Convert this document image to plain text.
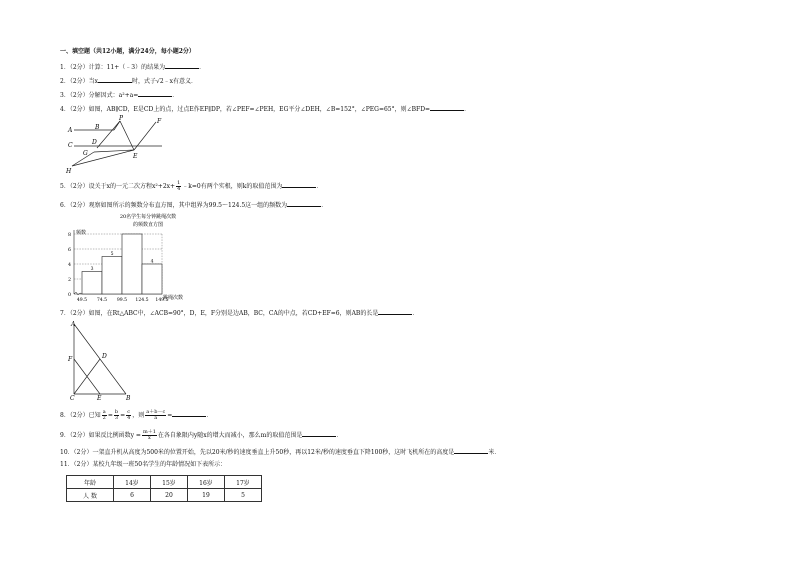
一、填空题（共12小题，满分24分，每小题2分）
1．（2分）计算：11+（﹣3）的结果为	．
2．（2分）当x	时，式子√2﹣x有意义．
3．（2分）分解因式：a²+a=	．
4．（2分）如图，AB∥CD，E是CD上的点，过点E作EF∥DP，若∠PEF=∠PEH，EG平分∠DEH，∠B=152°，∠PEG=65°，则∠BFD=	．
A	B
P	F
C	D
G	E
H
5．（2分）设关于x的一元二次方程$x^2+2x+ \frac{1}{4}$ ﹣k=0有两个实根，则k的取值范围为	．
6．（2分）观察如图所示的频数分布直方图，其中组界为99.5～124.5这一组的频数为	．
20名学生每分钟跳绳次数
的频数直方图
频数
跳绳次数
3
5
4
0
2
4
6
8
49.5 74.5 99.5 124.5 149.5
7．（2分）如图，在Rt△ABC中，∠ACB=90°，D，E，F分别是边AB，BC，CA的中点，若CD+EF=6，则AB的长是	．
A
F	D
C	E	B
8．（2分）已知 $\frac{a}{2} = \frac{b}{3} = \frac{c}{4}$ ，则 $\frac{a+b-c}{a}$ =	．
9．（2分）如果反比例函数$y = \frac{m+1}{x}$ 在各自象限内y随x的增大而减小，那么m的取值范围是	．
10．（2分）一架直升机从高度为500米的位置开始，先以20米/秒的速度垂直上升50秒，再以12米/秒的速度垂直下降100秒，这时飞机所在的高度是	米．
11．（2分）某校九年级一班50名学生的年龄情况如下表所示：
年龄	14岁	15岁	16岁	17岁
人 数	6	20	19	5
